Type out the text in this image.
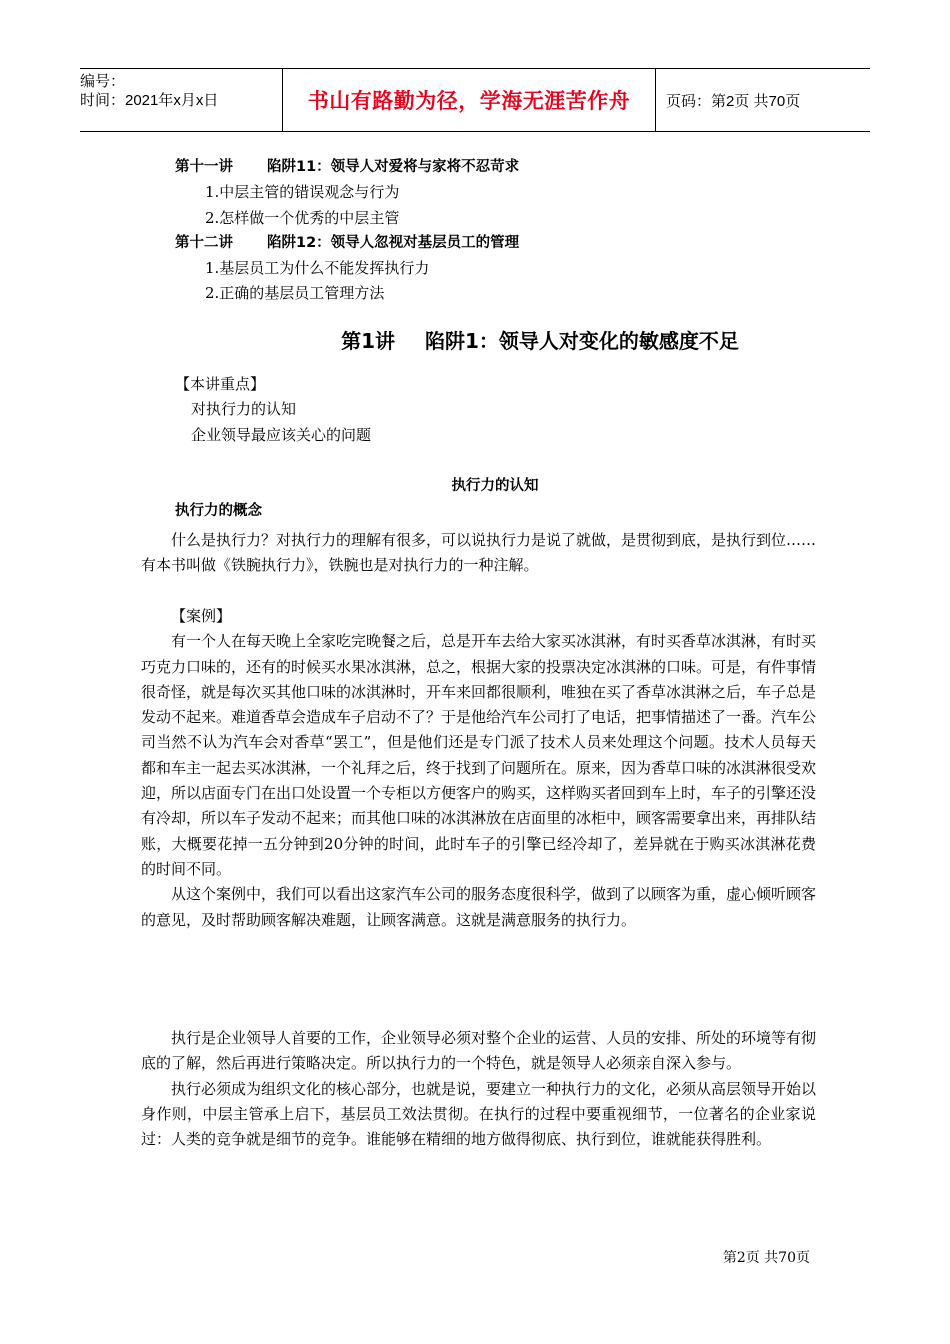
编号：
时间：2021年x月x日	书山有路勤为径，学海无涯苦作舟	页码：第2页 共70页
第十一讲 陷阱11：领导人对爱将与家将不忍苛求
1.中层主管的错误观念与行为
2.怎样做一个优秀的中层主管
第十二讲 陷阱12：领导人忽视对基层员工的管理
1.基层员工为什么不能发挥执行力
2.正确的基层员工管理方法
第1讲 陷阱1：领导人对变化的敏感度不足
【本讲重点】
对执行力的认知
企业领导最应该关心的问题
执行力的认知
执行力的概念

什么是执行力？对执行力的理解有很多，可以说执行力是说了就做，是贯彻到底，是执行到位……有本书叫做《铁腕执行力》，铁腕也是对执行力的一种注解。

【案例】

有一个人在每天晚上全家吃完晚餐之后，总是开车去给大家买冰淇淋，有时买香草冰淇淋，有时买巧克力口味的，还有的时候买水果冰淇淋，总之，根据大家的投票决定冰淇淋的口味。可是，有件事情很奇怪，就是每次买其他口味的冰淇淋时，开车来回都很顺利，唯独在买了香草冰淇淋之后，车子总是发动不起来。难道香草会造成车子启动不了？于是他给汽车公司打了电话，把事情描述了一番。汽车公司当然不认为汽车会对香草“罢工”，但是他们还是专门派了技术人员来处理这个问题。技术人员每天都和车主一起去买冰淇淋，一个礼拜之后，终于找到了问题所在。原来，因为香草口味的冰淇淋很受欢迎，所以店面专门在出口处设置一个专柜以方便客户的购买，这样购买者回到车上时，车子的引擎还没有冷却，所以车子发动不起来；而其他口味的冰淇淋放在店面里的冰柜中，顾客需要拿出来，再排队结账，大概要花掉一五分钟到20分钟的时间，此时车子的引擎已经冷却了，差异就在于购买冰淇淋花费的时间不同。

从这个案例中，我们可以看出这家汽车公司的服务态度很科学，做到了以顾客为重，虚心倾听顾客的意见，及时帮助顾客解决难题，让顾客满意。这就是满意服务的执行力。

执行是企业领导人首要的工作，企业领导必须对整个企业的运营、人员的安排、所处的环境等有彻底的了解，然后再进行策略决定。所以执行力的一个特色，就是领导人必须亲自深入参与。

执行必须成为组织文化的核心部分，也就是说，要建立一种执行力的文化，必须从高层领导开始以身作则，中层主管承上启下，基层员工效法贯彻。在执行的过程中要重视细节，一位著名的企业家说过：人类的竞争就是细节的竞争。谁能够在精细的地方做得彻底、执行到位，谁就能获得胜利。

第2页 共70页
